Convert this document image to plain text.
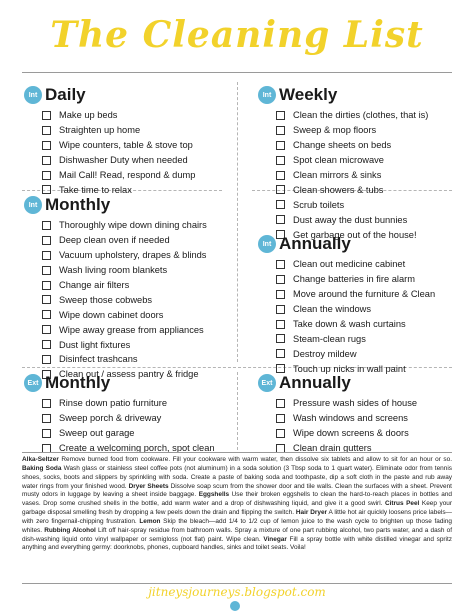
The Cleaning List
Int Daily
Make up beds
Straighten up home
Wipe counters, table & stove top
Dishwasher Duty when needed
Mail Call! Read, respond & dump
Take time to relax
Int Weekly
Clean the dirties (clothes, that is)
Sweep & mop floors
Change sheets on beds
Spot clean microwave
Clean mirrors & sinks
Clean showers & tubs
Scrub toilets
Dust away the dust bunnies
Get garbage out of the house!
Int Monthly
Thoroughly wipe down dining chairs
Deep clean oven if needed
Vacuum upholstery, drapes & blinds
Wash living room blankets
Change air filters
Sweep those cobwebs
Wipe down cabinet doors
Wipe away grease from appliances
Dust light fixtures
Disinfect trashcans
Clean out / assess pantry & fridge
Int Annually
Clean out medicine cabinet
Change batteries in fire alarm
Move around the furniture & Clean
Clean the windows
Take down & wash curtains
Steam-clean rugs
Destroy mildew
Touch up nicks in wall paint
Ext Monthly
Rinse down patio furniture
Sweep porch & driveway
Sweep out garage
Create a welcoming porch, spot clean
Ext Annually
Pressure wash sides of house
Wash windows and screens
Wipe down screens & doors
Clean drain gutters
Alka-Seltzer Remove burned food from cookware. Fill your cookware with warm water, then dissolve six tablets and allow to sit for an hour or so. Baking Soda Wash glass or stainless steel coffee pots (not aluminum) in a soda solution (3 Tbsp soda to 1 quart water). Eliminate odor from tennis shoes, socks, boots and slippers by sprinkling with soda. Create a paste of baking soda and toothpaste, dip a soft cloth in the paste and rub away water rings from your finished wood. Dryer Sheets Dissolve soap scum from the shower door and tile walls. Clean the surfaces with a sheet. Prevent musty odors in luggage by leaving a sheet inside baggage. Eggshells Use their broken eggshells to clean the hard-to-reach places in bottles and vases. Drop some crushed shells in the bottle, add warm water and a drop of dishwashing liquid, and give it a good swirl. Citrus Peel Keep your garbage disposal smelling fresh by dropping a few peels down the drain and flipping the switch. Hair Dryer A little hot air quickly loosens price labels—with zero fingernail-chipping frustration. Lemon Skip the bleach—add 1/4 to 1/2 cup of lemon juice to the wash cycle to brighten up those fading whites. Rubbing Alcohol Lift off hair-spray residue from bathroom walls. Spray a mixture of one part rubbing alcohol, two parts water, and a dash of dish-washing liquid onto vinyl wallpaper or semigloss (not flat) paint. Wipe clean. Vinegar Fill a spray bottle with white distilled vinegar and spritz anything and everything germy: doorknobs, phones, cupboard handles, sinks and toilet seats. Voila!
jitneysjourneys.blogspot.com
